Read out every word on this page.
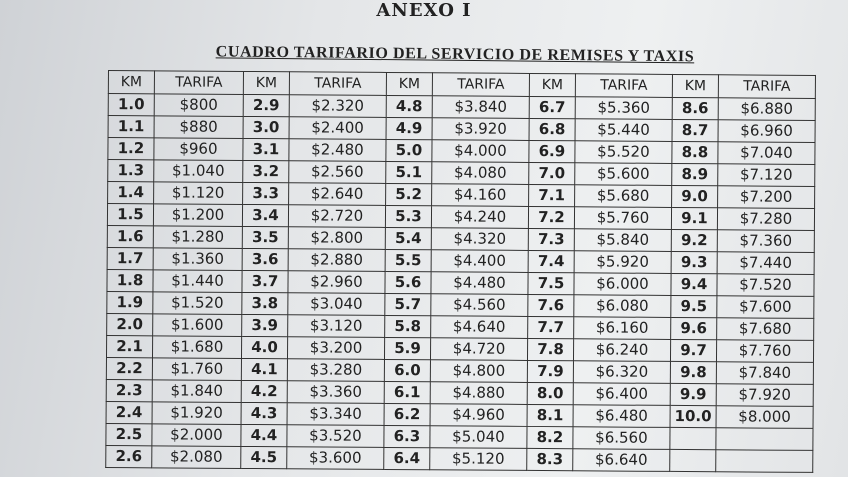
ANEXO I
CUADRO TARIFARIO DEL SERVICIO DE REMISES Y TAXIS
KM	TARIFA	KM	TARIFA	KM	TARIFA	KM	TARIFA	KM	TARIFA
1.0	$800	2.9	$2.320	4.8	$3.840	6.7	$5.360	8.6	$6.880
1.1	$880	3.0	$2.400	4.9	$3.920	6.8	$5.440	8.7	$6.960
1.2	$960	3.1	$2.480	5.0	$4.000	6.9	$5.520	8.8	$7.040
1.3	$1.040	3.2	$2.560	5.1	$4.080	7.0	$5.600	8.9	$7.120
1.4	$1.120	3.3	$2.640	5.2	$4.160	7.1	$5.680	9.0	$7.200
1.5	$1.200	3.4	$2.720	5.3	$4.240	7.2	$5.760	9.1	$7.280
1.6	$1.280	3.5	$2.800	5.4	$4.320	7.3	$5.840	9.2	$7.360
1.7	$1.360	3.6	$2.880	5.5	$4.400	7.4	$5.920	9.3	$7.440
1.8	$1.440	3.7	$2.960	5.6	$4.480	7.5	$6.000	9.4	$7.520
1.9	$1.520	3.8	$3.040	5.7	$4.560	7.6	$6.080	9.5	$7.600
2.0	$1.600	3.9	$3.120	5.8	$4.640	7.7	$6.160	9.6	$7.680
2.1	$1.680	4.0	$3.200	5.9	$4.720	7.8	$6.240	9.7	$7.760
2.2	$1.760	4.1	$3.280	6.0	$4.800	7.9	$6.320	9.8	$7.840
2.3	$1.840	4.2	$3.360	6.1	$4.880	8.0	$6.400	9.9	$7.920
2.4	$1.920	4.3	$3.340	6.2	$4.960	8.1	$6.480	10.0	$8.000
2.5	$2.000	4.4	$3.520	6.3	$5.040	8.2	$6.560		
2.6	$2.080	4.5	$3.600	6.4	$5.120	8.3	$6.640		
